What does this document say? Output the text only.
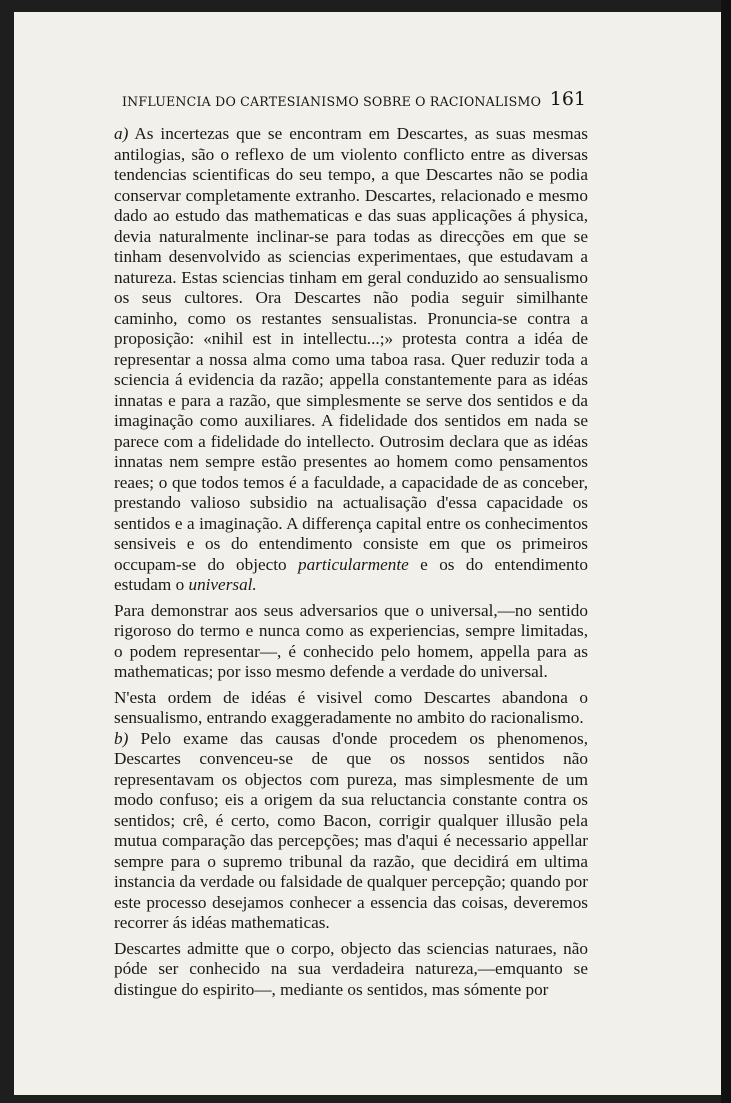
INFLUENCIA DO CARTESIANISMO SOBRE O RACIONALISMO 161

a) As incertezas que se encontram em Descartes, as suas mesmas antilogias, são o reflexo de um violento conflicto entre as diversas tendencias scientificas do seu tempo, a que Descartes não se podia conservar completamente extranho. Descartes, relacionado e mesmo dado ao estudo das mathematicas e das suas applicações á physica, devia naturalmente inclinar-se para todas as direcções em que se tinham desenvolvido as sciencias experimentaes, que estudavam a natureza. Estas sciencias tinham em geral conduzido ao sensualismo os seus cultores. Ora Descartes não podia seguir similhante caminho, como os restantes sensualistas. Pronuncia-se contra a proposição: «nihil est in intellectu...;» protesta contra a idéa de representar a nossa alma como uma taboa rasa. Quer reduzir toda a sciencia á evidencia da razão; appella constantemente para as idéas innatas e para a razão, que simplesmente se serve dos sentidos e da imaginação como auxiliares. A fidelidade dos sentidos em nada se parece com a fidelidade do intellecto. Outrosim declara que as idéas innatas nem sempre estão presentes ao homem como pensamentos reaes; o que todos temos é a faculdade, a capacidade de as conceber, prestando valioso subsidio na actualisação d'essa capacidade os sentidos e a imaginação. A differença capital entre os conhecimentos sensiveis e os do entendimento consiste em que os primeiros occupam-se do objecto particularmente e os do entendimento estudam o universal.

Para demonstrar aos seus adversarios que o universal,—no sentido rigoroso do termo e nunca como as experiencias, sempre limitadas, o podem representar—, é conhecido pelo homem, appella para as mathematicas; por isso mesmo defende a verdade do universal.

N'esta ordem de idéas é visivel como Descartes abandona o sensualismo, entrando exaggeradamente no ambito do racionalismo.

b) Pelo exame das causas d'onde procedem os phenomenos, Descartes convenceu-se de que os nossos sentidos não representavam os objectos com pureza, mas simplesmente de um modo confuso; eis a origem da sua reluctancia constante contra os sentidos; crê, é certo, como Bacon, corrigir qualquer illusão pela mutua comparação das percepções; mas d'aqui é necessario appellar sempre para o supremo tribunal da razão, que decidirá em ultima instancia da verdade ou falsidade de qualquer percepção; quando por este processo desejamos conhecer a essencia das coisas, deveremos recorrer ás idéas mathematicas.

Descartes admitte que o corpo, objecto das sciencias naturaes, não póde ser conhecido na sua verdadeira natureza,—emquanto se distingue do espirito—, mediante os sentidos, mas sómente por
